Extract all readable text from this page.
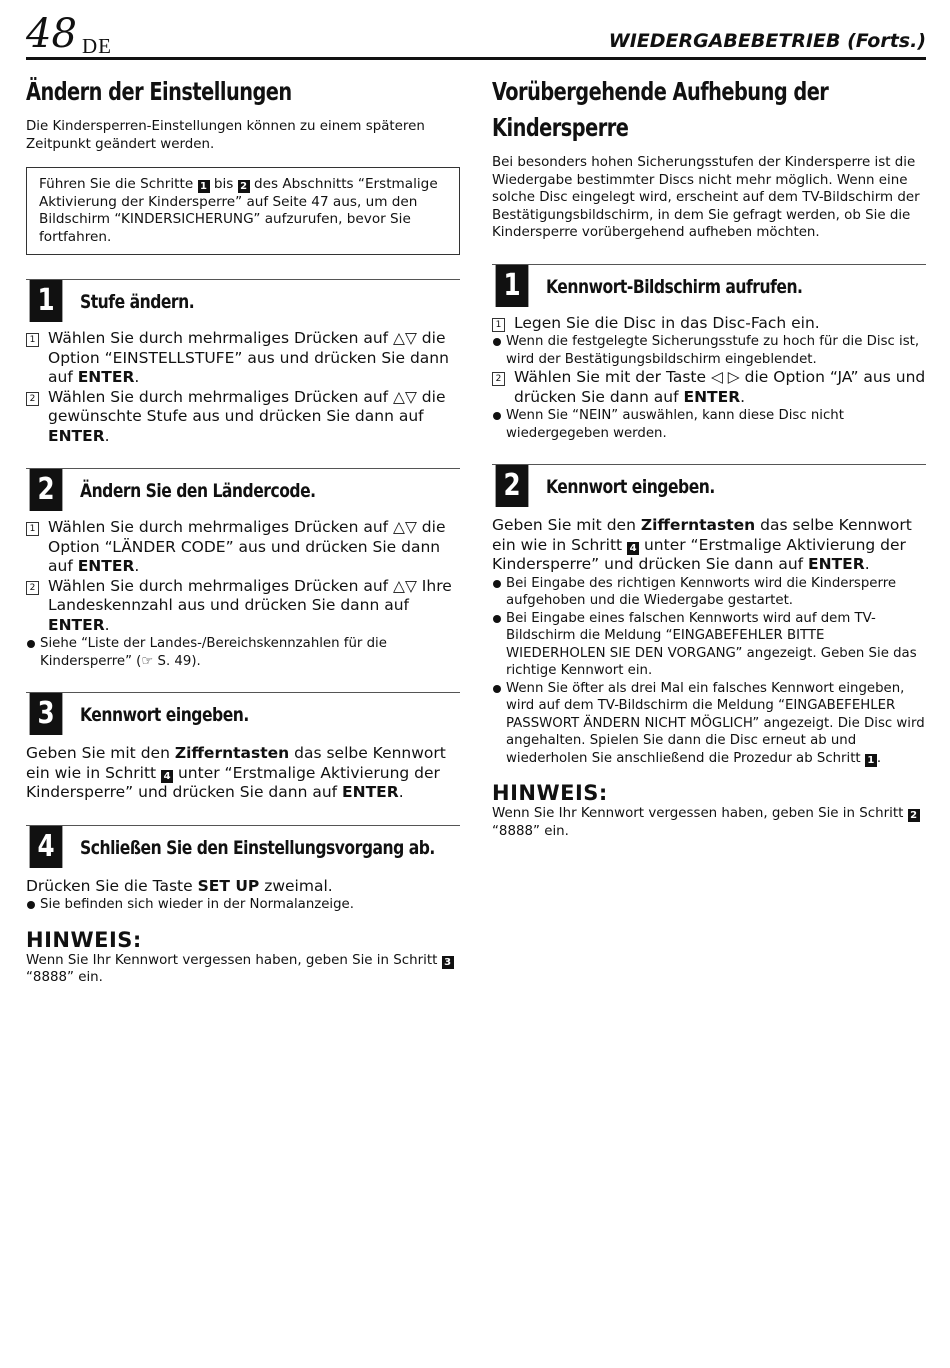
48 DE	WIEDERGABEBETRIEB (Forts.)
Ändern der Einstellungen

Die Kindersperren-Einstellungen können zu einem späteren Zeitpunkt geändert werden.

Führen Sie die Schritte 1 bis 2 des Abschnitts “Erstmalige Aktivierung der Kindersperre” auf Seite 47 aus, um den Bildschirm “KINDERSICHERUNG” aufzurufen, bevor Sie fortfahren.
1	Stufe ändern.
1 Wählen Sie durch mehrmaliges Drücken auf △▽ die Option “EINSTELLSTUFE” aus und drücken Sie dann auf ENTER.
2 Wählen Sie durch mehrmaliges Drücken auf △▽ die gewünschte Stufe aus und drücken Sie dann auf ENTER.
2	Ändern Sie den Ländercode.
1 Wählen Sie durch mehrmaliges Drücken auf △▽ die Option “LÄNDER CODE” aus und drücken Sie dann auf ENTER.
2 Wählen Sie durch mehrmaliges Drücken auf △▽ Ihre Landeskennzahl aus und drücken Sie dann auf ENTER.
Siehe “Liste der Landes-/Bereichskennzahlen für die Kindersperre” (☞ S. 49).
3	Kennwort eingeben.

Geben Sie mit den Zifferntasten das selbe Kennwort ein wie in Schritt 4 unter “Erstmalige Aktivierung der Kindersperre” und drücken Sie dann auf ENTER.

4	Schließen Sie den Einstellungsvorgang ab.

Drücken Sie die Taste SET UP zweimal.

Sie befinden sich wieder in der Normalanzeige.
HINWEIS:

Wenn Sie Ihr Kennwort vergessen haben, geben Sie in Schritt 3
“8888” ein.

Vorübergehende Aufhebung der Kindersperre

Bei besonders hohen Sicherungsstufen der Kindersperre ist die Wiedergabe bestimmter Discs nicht mehr möglich. Wenn eine solche Disc eingelegt wird, erscheint auf dem TV-Bildschirm der Bestätigungsbildschirm, in dem Sie gefragt werden, ob Sie die Kindersperre vorübergehend aufheben möchten.

1	Kennwort-Bildschirm aufrufen.
1 Legen Sie die Disc in das Disc-Fach ein.
Wenn die festgelegte Sicherungsstufe zu hoch für die Disc ist, wird der Bestätigungsbildschirm eingeblendet.
2 Wählen Sie mit der Taste ◁ ▷ die Option “JA” aus und drücken Sie dann auf ENTER.
Wenn Sie “NEIN” auswählen, kann diese Disc nicht wiedergegeben werden.
2	Kennwort eingeben.

Geben Sie mit den Zifferntasten das selbe Kennwort ein wie in Schritt 4 unter “Erstmalige Aktivierung der Kindersperre” und drücken Sie dann auf ENTER.

Bei Eingabe des richtigen Kennworts wird die Kindersperre aufgehoben und die Wiedergabe gestartet.
Bei Eingabe eines falschen Kennworts wird auf dem TV-Bildschirm die Meldung “EINGABEFEHLER BITTE WIEDERHOLEN SIE DEN VORGANG” angezeigt. Geben Sie das richtige Kennwort ein.
Wenn Sie öfter als drei Mal ein falsches Kennwort eingeben, wird auf dem TV-Bildschirm die Meldung “EINGABEFEHLER PASSWORT ÄNDERN NICHT MÖGLICH” angezeigt. Die Disc wird angehalten. Spielen Sie dann die Disc erneut ab und wiederholen Sie anschließend die Prozedur ab Schritt 1 .
HINWEIS:

Wenn Sie Ihr Kennwort vergessen haben, geben Sie in Schritt 2
“8888” ein.
